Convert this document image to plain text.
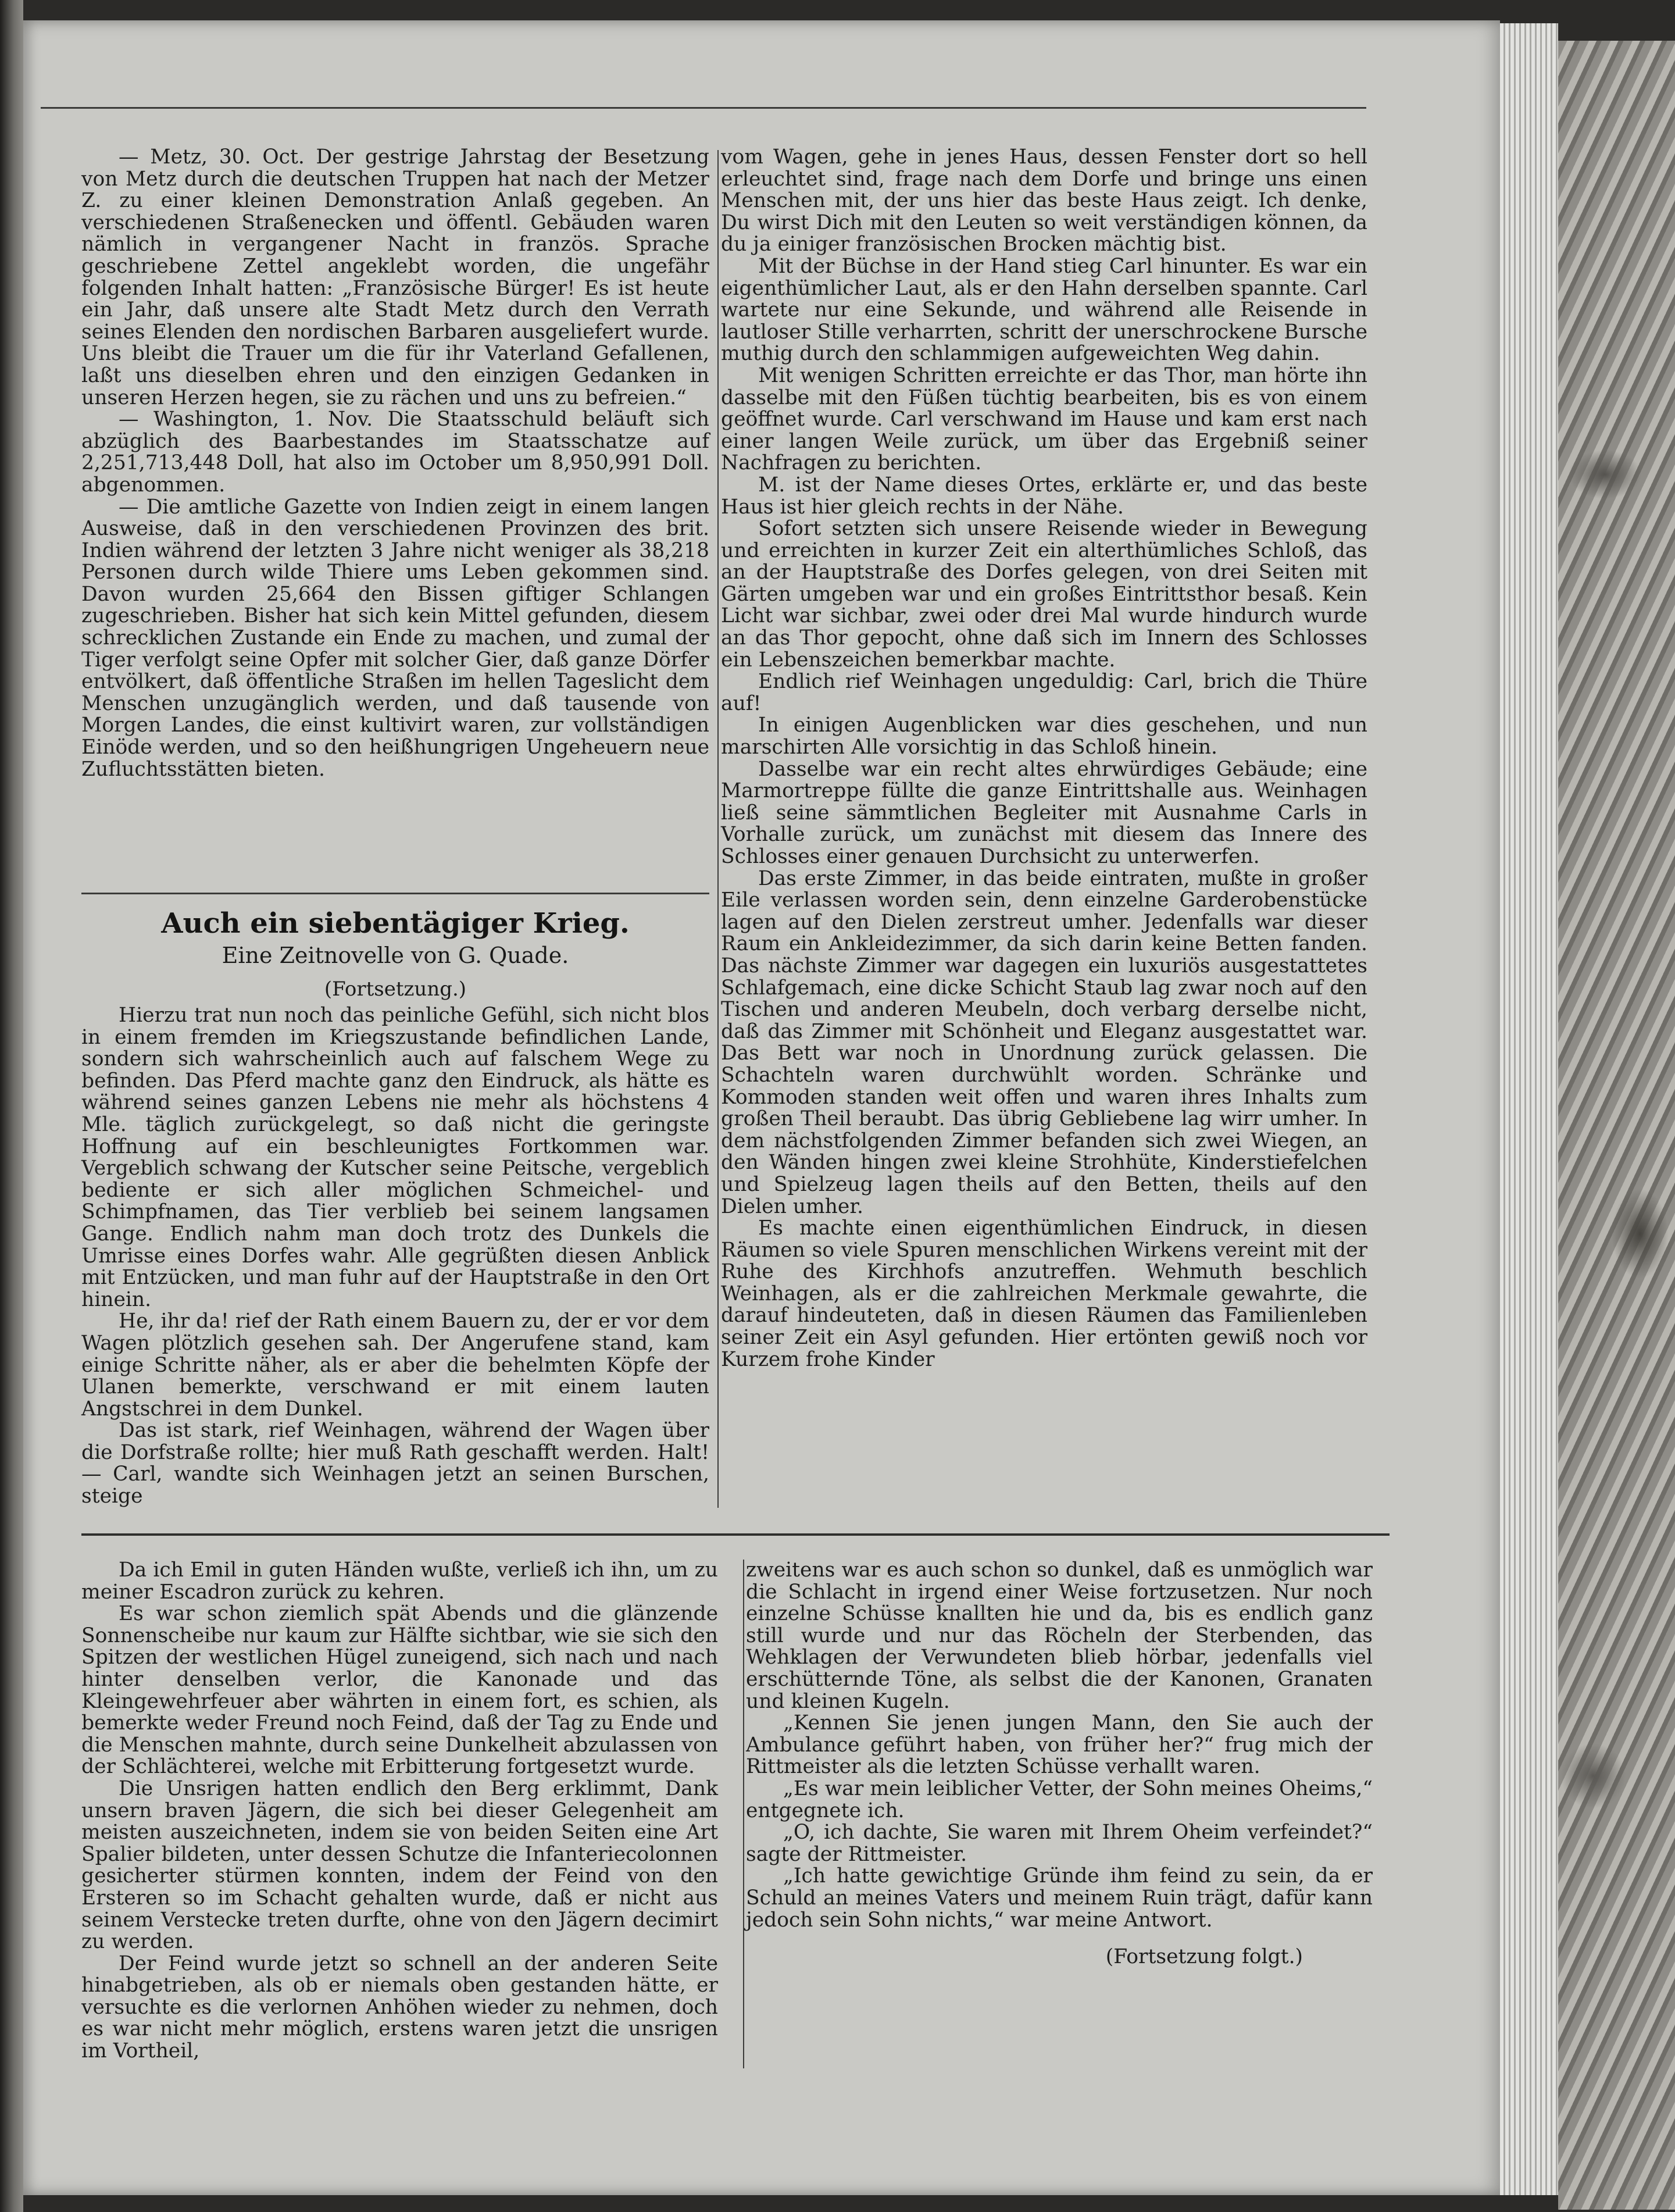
— Metz, 30. Oct. Der gestrige Jahrstag der Besetzung von Metz durch die deutschen Truppen hat nach der Metzer Z. zu einer kleinen Demonstration Anlaß gegeben. An verschiedenen Straßenecken und öffentl. Gebäuden waren nämlich in vergangener Nacht in französ. Sprache geschriebene Zettel angeklebt worden, die ungefähr folgenden Inhalt hatten: „Französische Bürger! Es ist heute ein Jahr, daß unsere alte Stadt Metz durch den Verrath seines Elenden den nordischen Barbaren ausgeliefert wurde. Uns bleibt die Trauer um die für ihr Vaterland Gefallenen, laßt uns dieselben ehren und den einzigen Gedanken in unseren Herzen hegen, sie zu rächen und uns zu befreien.“

— Washington, 1. Nov. Die Staatsschuld beläuft sich abzüglich des Baarbestandes im Staatsschatze auf 2,251,713,448 Doll, hat also im October um 8,950,991 Doll. abgenommen.

— Die amtliche Gazette von Indien zeigt in einem langen Ausweise, daß in den verschiedenen Provinzen des brit. Indien während der letzten 3 Jahre nicht weniger als 38,218 Personen durch wilde Thiere ums Leben gekommen sind. Davon wurden 25,664 den Bissen giftiger Schlangen zugeschrieben. Bisher hat sich kein Mittel gefunden, diesem schrecklichen Zustande ein Ende zu machen, und zumal der Tiger verfolgt seine Opfer mit solcher Gier, daß ganze Dörfer entvölkert, daß öffentliche Straßen im hellen Tageslicht dem Menschen unzugänglich werden, und daß tausende von Morgen Landes, die einst kultivirt waren, zur vollständigen Einöde werden, und so den heißhungrigen Ungeheuern neue Zufluchtsstätten bieten.

Auch ein siebentägiger Krieg.
Eine Zeitnovelle von G. Quade.
(Fortsetzung.)

Hierzu trat nun noch das peinliche Gefühl, sich nicht blos in einem fremden im Kriegszustande befindlichen Lande, sondern sich wahrscheinlich auch auf falschem Wege zu befinden. Das Pferd machte ganz den Eindruck, als hätte es während seines ganzen Lebens nie mehr als höchstens 4 Mle. täglich zurückgelegt, so daß nicht die geringste Hoffnung auf ein beschleunigtes Fortkommen war. Vergeblich schwang der Kutscher seine Peitsche, vergeblich bediente er sich aller möglichen Schmeichel- und Schimpfnamen, das Tier verblieb bei seinem langsamen Gange. Endlich nahm man doch trotz des Dunkels die Umrisse eines Dorfes wahr. Alle gegrüßten diesen Anblick mit Entzücken, und man fuhr auf der Hauptstraße in den Ort hinein.

He, ihr da! rief der Rath einem Bauern zu, der er vor dem Wagen plötzlich gesehen sah. Der Angerufene stand, kam einige Schritte näher, als er aber die behelmten Köpfe der Ulanen bemerkte, verschwand er mit einem lauten Angstschrei in dem Dunkel.

Das ist stark, rief Weinhagen, während der Wagen über die Dorfstraße rollte; hier muß Rath geschafft werden. Halt! — Carl, wandte sich Weinhagen jetzt an seinen Burschen, steige

vom Wagen, gehe in jenes Haus, dessen Fenster dort so hell erleuchtet sind, frage nach dem Dorfe und bringe uns einen Menschen mit, der uns hier das beste Haus zeigt. Ich denke, Du wirst Dich mit den Leuten so weit verständigen können, da du ja einiger französischen Brocken mächtig bist.

Mit der Büchse in der Hand stieg Carl hinunter. Es war ein eigenthümlicher Laut, als er den Hahn derselben spannte. Carl wartete nur eine Sekunde, und während alle Reisende in lautloser Stille verharrten, schritt der unerschrockene Bursche muthig durch den schlammigen aufgeweichten Weg dahin.

Mit wenigen Schritten erreichte er das Thor, man hörte ihn dasselbe mit den Füßen tüchtig bearbeiten, bis es von einem geöffnet wurde. Carl verschwand im Hause und kam erst nach einer langen Weile zurück, um über das Ergebniß seiner Nachfragen zu berichten.

M. ist der Name dieses Ortes, erklärte er, und das beste Haus ist hier gleich rechts in der Nähe.

Sofort setzten sich unsere Reisende wieder in Bewegung und erreichten in kurzer Zeit ein alterthümliches Schloß, das an der Hauptstraße des Dorfes gelegen, von drei Seiten mit Gärten umgeben war und ein großes Eintrittsthor besaß. Kein Licht war sichbar, zwei oder drei Mal wurde hindurch wurde an das Thor gepocht, ohne daß sich im Innern des Schlosses ein Lebenszeichen bemerkbar machte.

Endlich rief Weinhagen ungeduldig: Carl, brich die Thüre auf!

In einigen Augenblicken war dies geschehen, und nun marschirten Alle vorsichtig in das Schloß hinein.

Dasselbe war ein recht altes ehrwürdiges Gebäude; eine Marmortreppe füllte die ganze Eintrittshalle aus. Weinhagen ließ seine sämmtlichen Begleiter mit Ausnahme Carls in Vorhalle zurück, um zunächst mit diesem das Innere des Schlosses einer genauen Durchsicht zu unterwerfen.

Das erste Zimmer, in das beide eintraten, mußte in großer Eile verlassen worden sein, denn einzelne Garderobenstücke lagen auf den Dielen zerstreut umher. Jedenfalls war dieser Raum ein Ankleidezimmer, da sich darin keine Betten fanden. Das nächste Zimmer war dagegen ein luxuriös ausgestattetes Schlafgemach, eine dicke Schicht Staub lag zwar noch auf den Tischen und anderen Meubeln, doch verbarg derselbe nicht, daß das Zimmer mit Schönheit und Eleganz ausgestattet war. Das Bett war noch in Unordnung zurück gelassen. Die Schachteln waren durchwühlt worden. Schränke und Kommoden standen weit offen und waren ihres Inhalts zum großen Theil beraubt. Das übrig Gebliebene lag wirr umher. In dem nächstfolgenden Zimmer befanden sich zwei Wiegen, an den Wänden hingen zwei kleine Strohhüte, Kinderstiefelchen und Spielzeug lagen theils auf den Betten, theils auf den Dielen umher.

Es machte einen eigenthümlichen Eindruck, in diesen Räumen so viele Spuren menschlichen Wirkens vereint mit der Ruhe des Kirchhofs anzutreffen. Wehmuth beschlich Weinhagen, als er die zahlreichen Merkmale gewahrte, die darauf hindeuteten, daß in diesen Räumen das Familienleben seiner Zeit ein Asyl gefunden. Hier ertönten gewiß noch vor Kurzem frohe Kinder

Da ich Emil in guten Händen wußte, verließ ich ihn, um zu meiner Escadron zurück zu kehren.

Es war schon ziemlich spät Abends und die glänzende Sonnenscheibe nur kaum zur Hälfte sichtbar, wie sie sich den Spitzen der westlichen Hügel zuneigend, sich nach und nach hinter denselben verlor, die Kanonade und das Kleingewehrfeuer aber währten in einem fort, es schien, als bemerkte weder Freund noch Feind, daß der Tag zu Ende und die Menschen mahnte, durch seine Dunkelheit abzulassen von der Schlächterei, welche mit Erbitterung fortgesetzt wurde.

Die Unsrigen hatten endlich den Berg erklimmt, Dank unsern braven Jägern, die sich bei dieser Gelegenheit am meisten auszeichneten, indem sie von beiden Seiten eine Art Spalier bildeten, unter dessen Schutze die Infanteriecolonnen gesicherter stürmen konnten, indem der Feind von den Ersteren so im Schacht gehalten wurde, daß er nicht aus seinem Verstecke treten durfte, ohne von den Jägern decimirt zu werden.

Der Feind wurde jetzt so schnell an der anderen Seite hinabgetrieben, als ob er niemals oben gestanden hätte, er versuchte es die verlornen Anhöhen wieder zu nehmen, doch es war nicht mehr möglich, erstens waren jetzt die unsrigen im Vortheil,

zweitens war es auch schon so dunkel, daß es unmöglich war die Schlacht in irgend einer Weise fortzusetzen. Nur noch einzelne Schüsse knallten hie und da, bis es endlich ganz still wurde und nur das Röcheln der Sterbenden, das Wehklagen der Verwundeten blieb hörbar, jedenfalls viel erschütternde Töne, als selbst die der Kanonen, Granaten und kleinen Kugeln.

„Kennen Sie jenen jungen Mann, den Sie auch der Ambulance geführt haben, von früher her?“ frug mich der Rittmeister als die letzten Schüsse verhallt waren.

„Es war mein leiblicher Vetter, der Sohn meines Oheims,“ entgegnete ich.

„O, ich dachte, Sie waren mit Ihrem Oheim verfeindet?“ sagte der Rittmeister.

„Ich hatte gewichtige Gründe ihm feind zu sein, da er Schuld an meines Vaters und meinem Ruin trägt, dafür kann jedoch sein Sohn nichts,“ war meine Antwort.

(Fortsetzung folgt.)
